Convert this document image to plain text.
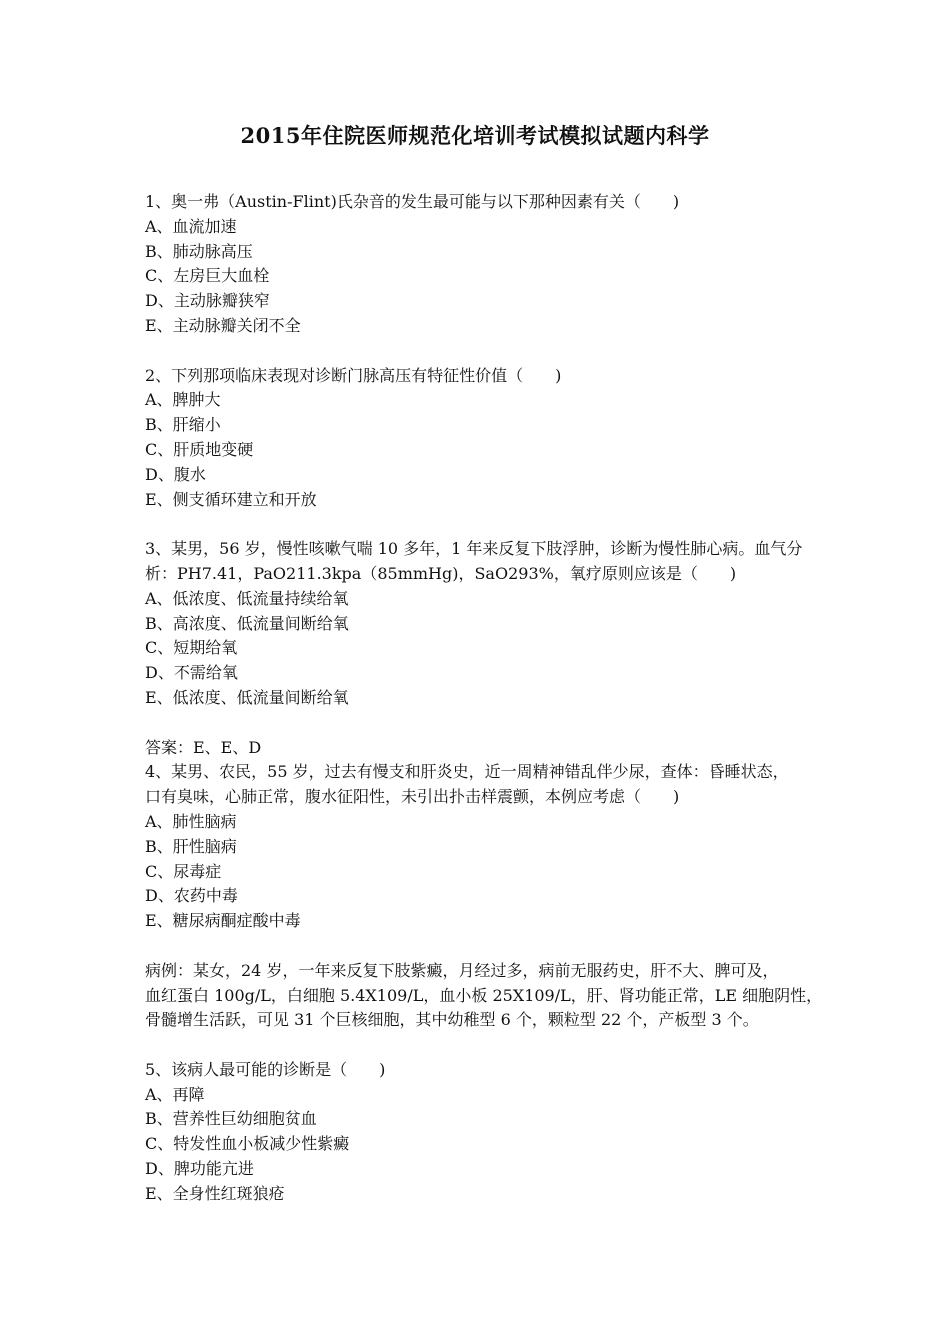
2015年住院医师规范化培训考试模拟试题内科学
1、奥一弗（Austin-Flint)氏杂音的发生最可能与以下那种因素有关（　　)
A、血流加速
B、肺动脉高压
C、左房巨大血栓
D、主动脉瓣狭窄
E、主动脉瓣关闭不全
2、下列那项临床表现对诊断门脉高压有特征性价值（　　)
A、脾肿大
B、肝缩小
C、肝质地变硬
D、腹水
E、侧支循环建立和开放
3、某男，56 岁，慢性咳嗽气喘 10 多年，1 年来反复下肢浮肿，诊断为慢性肺心病。血气分
析：PH7.41，PaO211.3kpa（85mmHg)，SaO293%，氧疗原则应该是（　　)
A、低浓度、低流量持续给氧
B、高浓度、低流量间断给氧
C、短期给氧
D、不需给氧
E、低浓度、低流量间断给氧
答案：E、E、D
4、某男、农民，55 岁，过去有慢支和肝炎史，近一周精神错乱伴少尿，查体：昏睡状态，
口有臭味，心肺正常，腹水征阳性，未引出扑击样震颤，本例应考虑（　　)
A、肺性脑病
B、肝性脑病
C、尿毒症
D、农药中毒
E、糖尿病酮症酸中毒
病例：某女，24 岁，一年来反复下肢紫癜，月经过多，病前无服药史，肝不大、脾可及，
血红蛋白 100g/L，白细胞 5.4X109/L，血小板 25X109/L，肝、肾功能正常，LE 细胞阴性，
骨髓增生活跃，可见 31 个巨核细胞，其中幼稚型 6 个，颗粒型 22 个，产板型 3 个。
5、该病人最可能的诊断是（　　)
A、再障
B、营养性巨幼细胞贫血
C、特发性血小板减少性紫癜
D、脾功能亢进
E、全身性红斑狼疮
